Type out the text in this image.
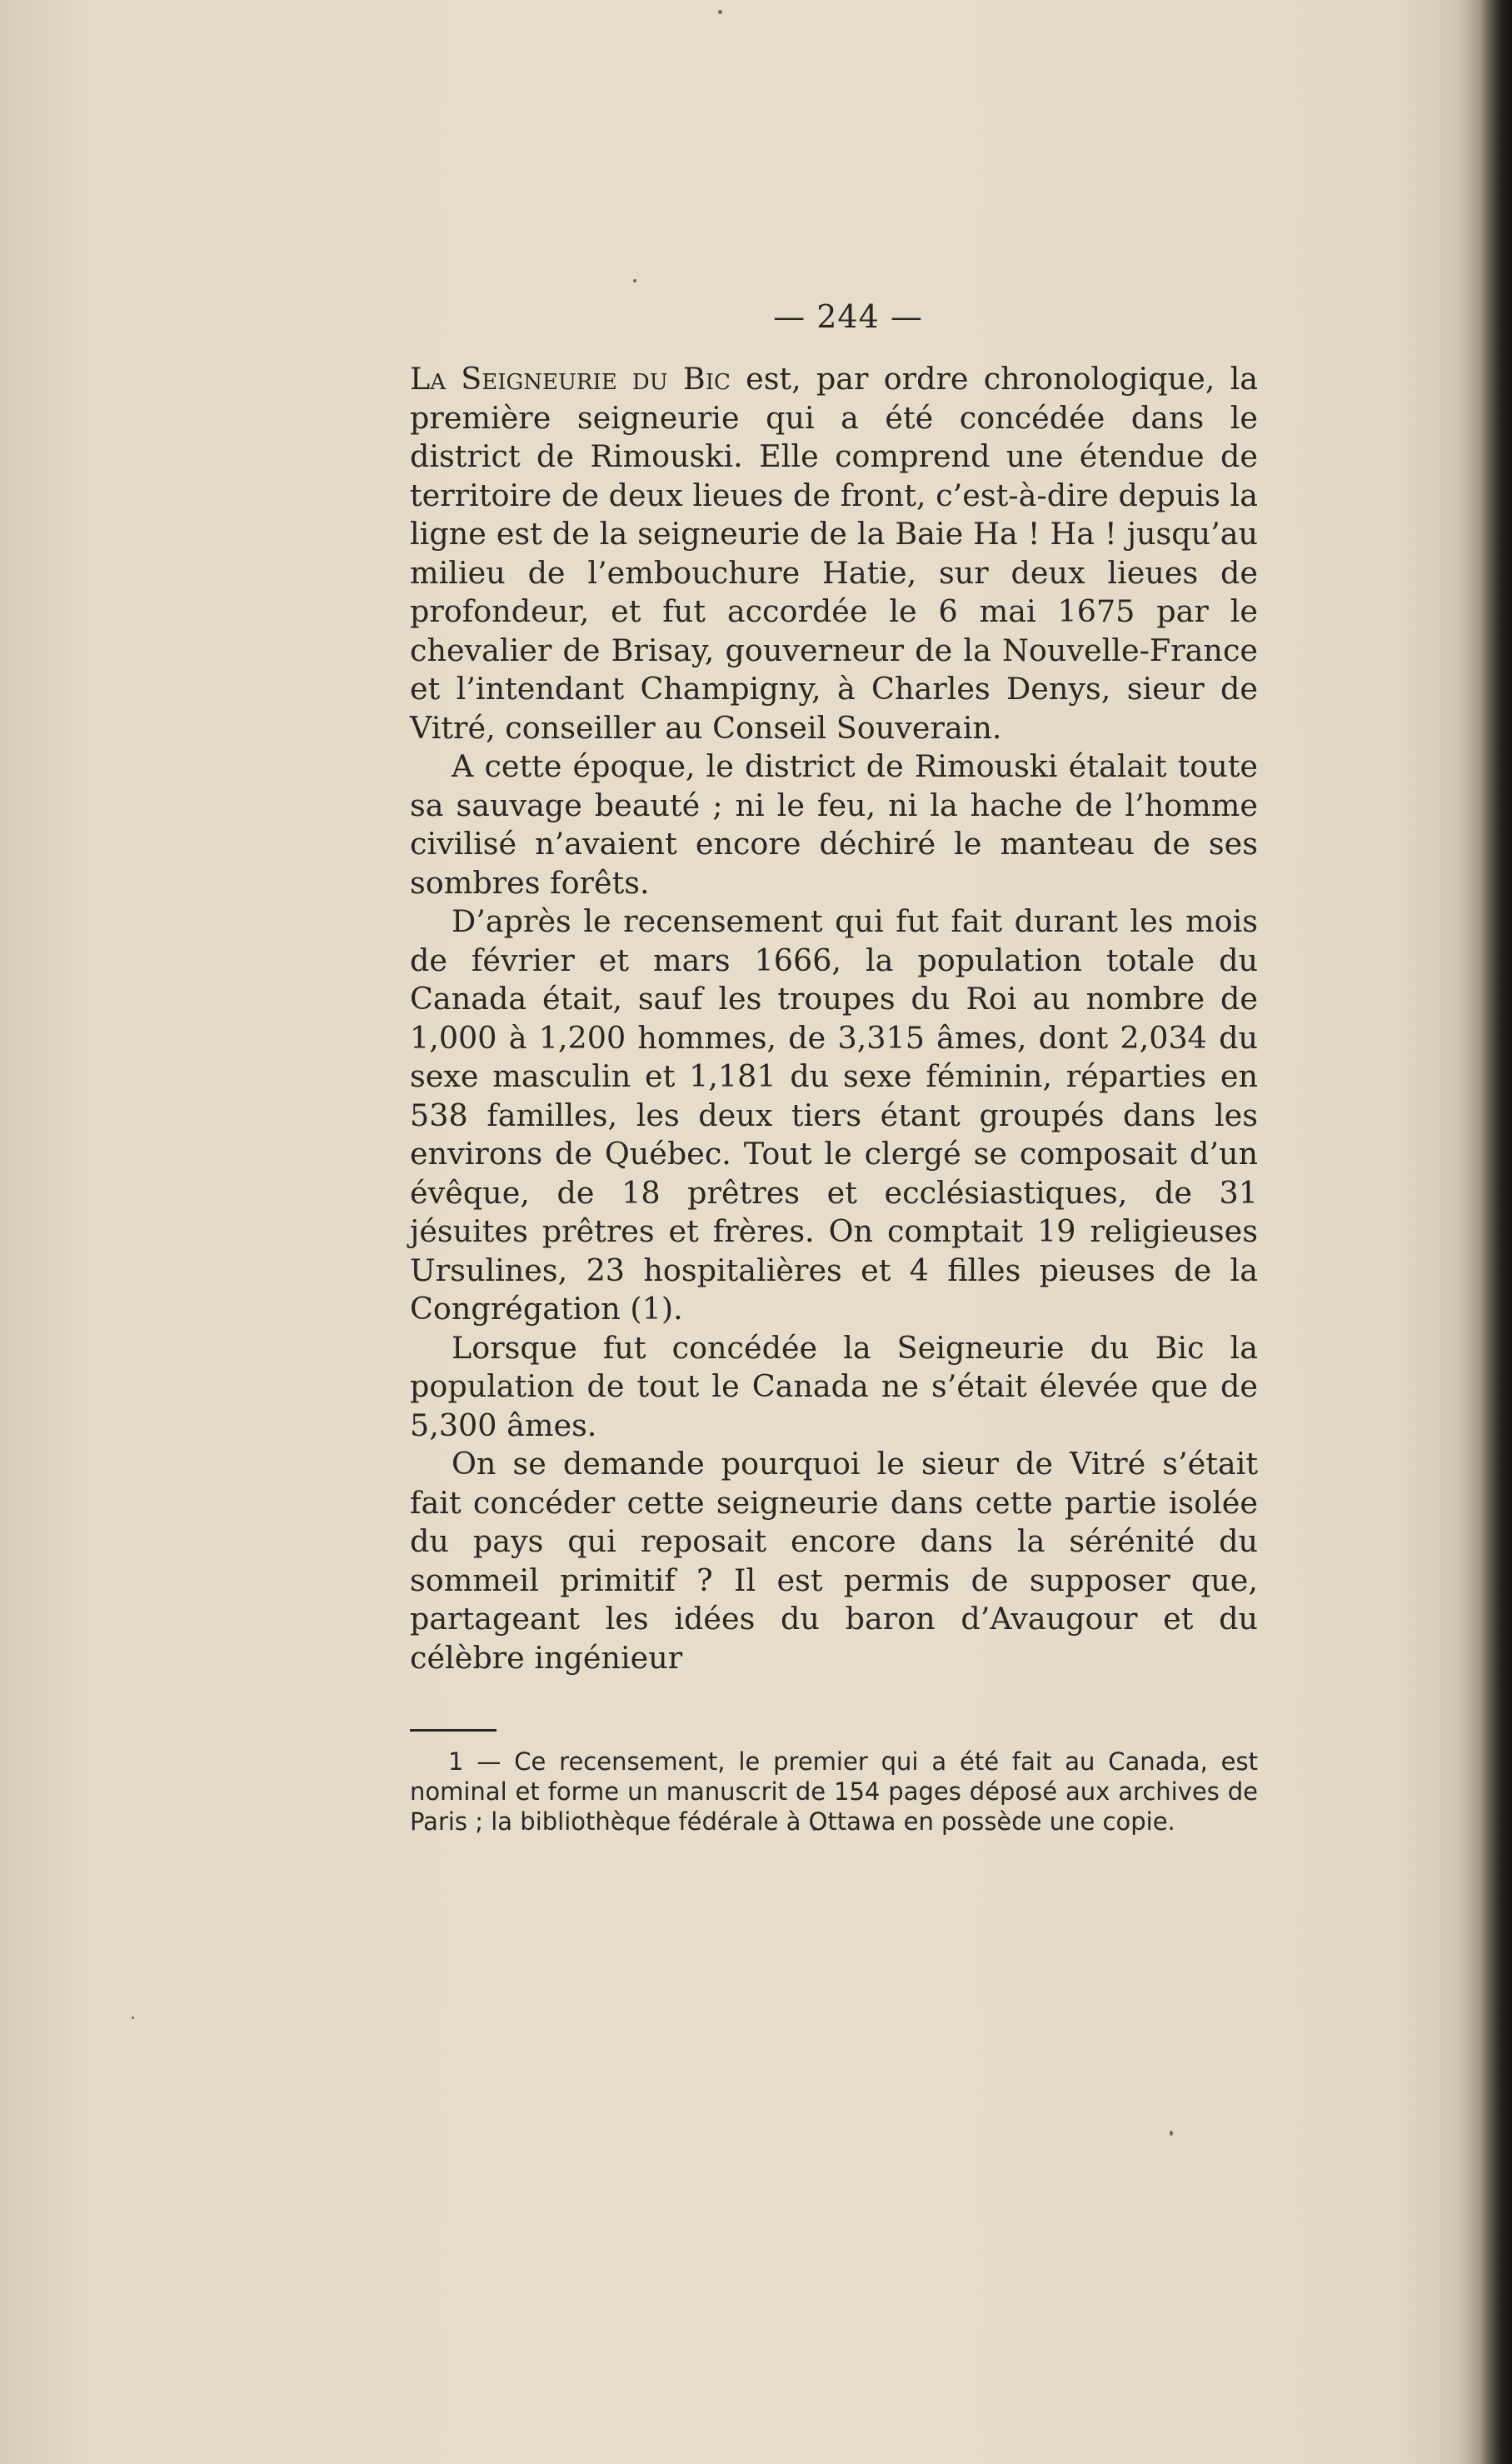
— 244 —

La Seigneurie du Bic est, par ordre chronologique, la première seigneurie qui a été concédée dans le district de Rimouski. Elle comprend une étendue de territoire de deux lieues de front, c’est-à-dire depuis la ligne est de la seigneurie de la Baie Ha ! Ha ! jusqu’au milieu de l’embouchure Hatie, sur deux lieues de profondeur, et fut accordée le 6 mai 1675 par le chevalier de Brisay, gouverneur de la Nouvelle-France et l’intendant Champigny, à Charles Denys, sieur de Vitré, conseiller au Conseil Souverain.

A cette époque, le district de Rimouski étalait toute sa sauvage beauté ; ni le feu, ni la hache de l’homme civilisé n’avaient encore déchiré le manteau de ses sombres forêts.

D’après le recensement qui fut fait durant les mois de février et mars 1666, la population totale du Canada était, sauf les troupes du Roi au nombre de 1,000 à 1,200 hommes, de 3,315 âmes, dont 2,034 du sexe masculin et 1,181 du sexe féminin, réparties en 538 familles, les deux tiers étant groupés dans les environs de Québec. Tout le clergé se composait d’un évêque, de 18 prêtres et ecclésiastiques, de 31 jésuites prêtres et frères. On comptait 19 religieuses Ursulines, 23 hospitalières et 4 filles pieuses de la Congrégation (1).

Lorsque fut concédée la Seigneurie du Bic la population de tout le Canada ne s’était élevée que de 5,300 âmes.

On se demande pourquoi le sieur de Vitré s’était fait concéder cette seigneurie dans cette partie isolée du pays qui reposait encore dans la sérénité du sommeil primitif ? Il est permis de supposer que, partageant les idées du baron d’Avaugour et du célèbre ingénieur

1 — Ce recensement, le premier qui a été fait au Canada, est nominal et forme un manuscrit de 154 pages déposé aux archives de Paris ; la bibliothèque fédérale à Ottawa en possède une copie.
